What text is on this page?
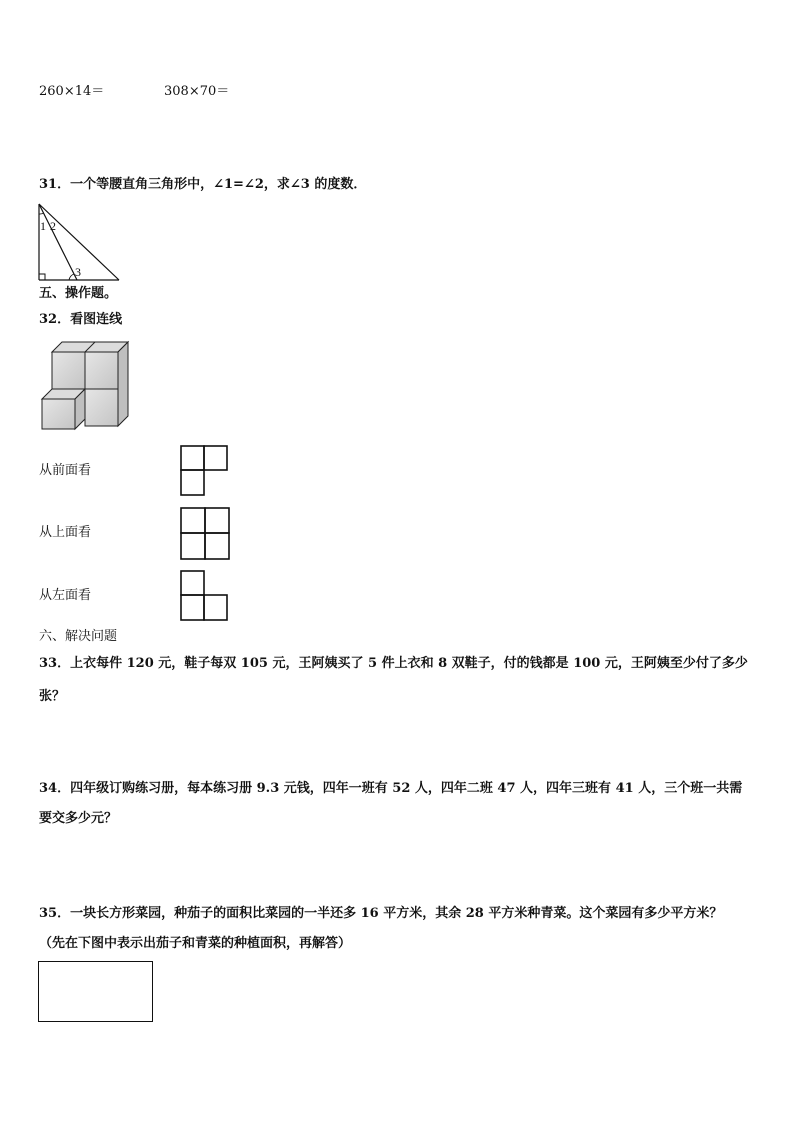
260×14＝	308×70＝
31．一个等腰直角三角形中，∠1=∠2，求∠3 的度数．
1 2
3
五、操作题。
32．看图连线
从前面看
从上面看
从左面看
六、解决问题
33．上衣每件 120 元，鞋子每双 105 元，王阿姨买了 5 件上衣和 8 双鞋子，付的钱都是 100 元，王阿姨至少付了多少
张？
34．四年级订购练习册，每本练习册 9.3 元钱，四年一班有 52 人，四年二班 47 人，四年三班有 41 人，三个班一共需
要交多少元？
35．一块长方形菜园，种茄子的面积比菜园的一半还多 16 平方米，其余 28 平方米种青菜。这个菜园有多少平方米？
（先在下图中表示出茄子和青菜的种植面积，再解答）
